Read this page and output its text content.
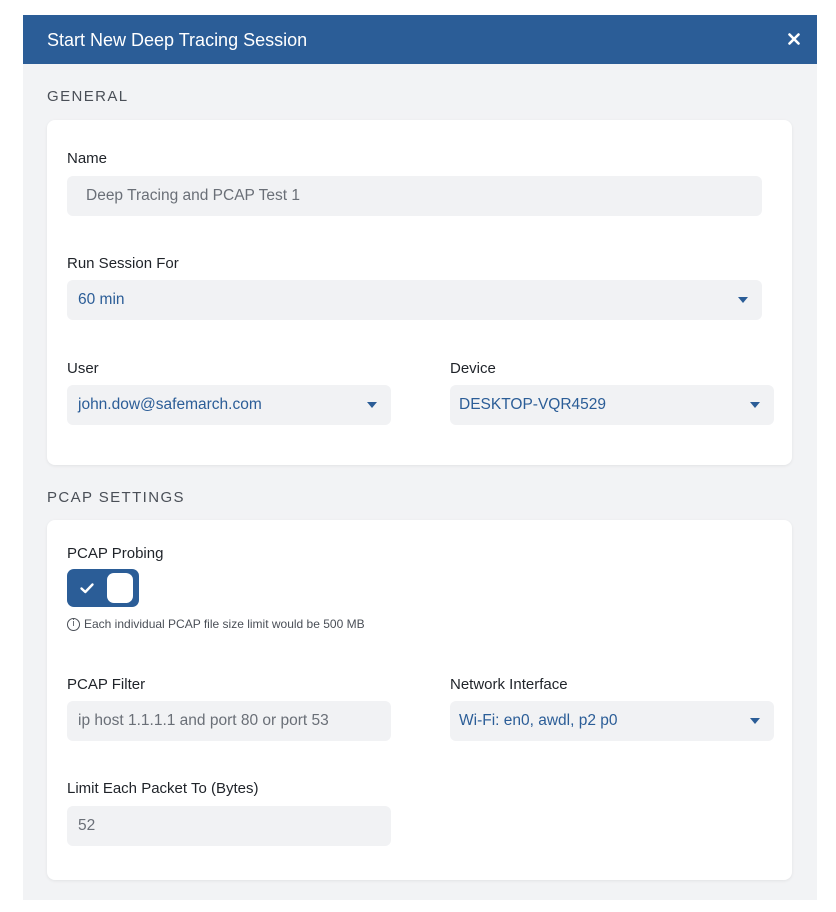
Start New Deep Tracing Session
GENERAL
Name
Deep Tracing and PCAP Test 1
Run Session For
60 min
User
john.dow@safemarch.com
Device
DESKTOP-VQR4529
PCAP SETTINGS
PCAP Probing
i Each individual PCAP file size limit would be 500 MB
PCAP Filter
ip host 1.1.1.1 and port 80 or port 53
Network Interface
Wi-Fi: en0, awdl, p2 p0
Limit Each Packet To (Bytes)
52
